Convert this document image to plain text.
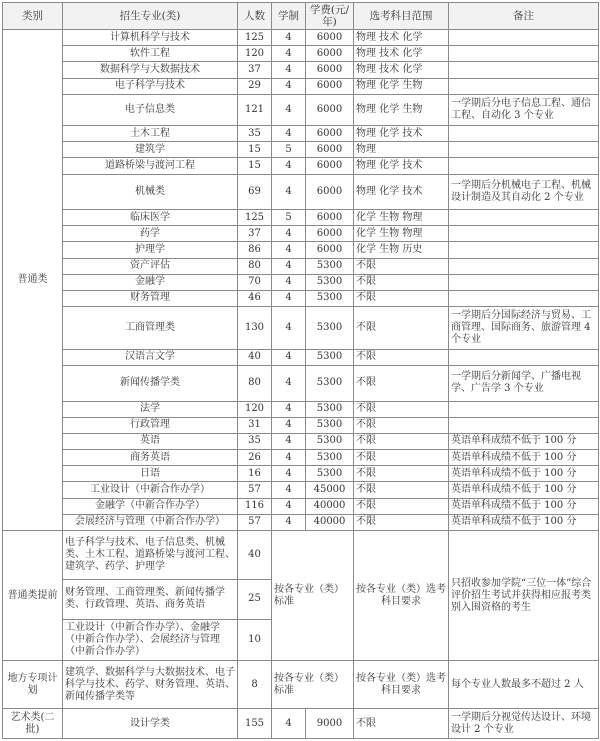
类别	招生专业(类)	人数	学制	学费(元/年)	选考科目范围	备注
普通类	计算机科学与技术	125	4	6000	物理 技术 化学	
	软件工程	120	4	6000	物理 技术 化学	
	数据科学与大数据技术	37	4	6000	物理 技术 化学	
	电子科学与技术	29	4	6000	物理 化学 生物	
	电子信息类	121	4	6000	物理 化学 生物	一学期后分电子信息工程、通信工程、自动化 3 个专业
	土木工程	35	4	6000	物理 化学 技术	
	建筑学	15	5	6000	物理	
	道路桥梁与渡河工程	15	4	6000	物理 化学 技术	
	机械类	69	4	6000	物理 化学 技术	一学期后分机械电子工程、机械设计制造及其自动化 2 个专业
	临床医学	125	5	6000	化学 生物 物理	
	药学	37	4	6000	化学 生物 物理	
	护理学	86	4	6000	化学 生物 历史	
	资产评估	80	4	5300	不限	
	金融学	70	4	5300	不限	
	财务管理	46	4	5300	不限	
	工商管理类	130	4	5300	不限	一学期后分国际经济与贸易、工商管理、国际商务、旅游管理 4 个专业
	汉语言文学	40	4	5300	不限	
	新闻传播学类	80	4	5300	不限	一学期后分新闻学、广播电视学、广告学 3 个专业
	法学	120	4	5300	不限	
	行政管理	31	4	5300	不限	
	英语	35	4	5300	不限	英语单科成绩不低于 100 分
	商务英语	26	4	5300	不限	英语单科成绩不低于 100 分
	日语	16	4	5300	不限	英语单科成绩不低于 100 分
	工业设计（中新合作办学）	57	4	45000	不限	英语单科成绩不低于 100 分
	金融学（中新合作办学）	116	4	40000	不限	英语单科成绩不低于 100 分
	会展经济与管理（中新合作办学）	57	4	40000	不限	英语单科成绩不低于 100 分
普通类提前	电子科学与技术、电子信息类、机械类、土木工程、道路桥梁与渡河工程、建筑学、药学、护理学	40	按各专业（类）标准		按各专业（类）选考科目要求	只招收参加学院“三位一体”综合评价招生考试并获得相应报考类别入围资格的考生
	财务管理、工商管理类、新闻传播学类、行政管理、英语、商务英语	25				
	工业设计（中新合作办学）、金融学（中新合作办学）、会展经济与管理（中新合作办学）	10				
地方专项计划	建筑学、数据科学与大数据技术、电子科学与技术、药学、财务管理、英语、新闻传播学类等	8	按各专业（类）标准		按各专业（类）选考科目要求	每个专业人数最多不超过 2 人
艺术类(二批)	设计学类	155	4	9000	不限	一学期后分视觉传达设计、环境设计 2 个专业
